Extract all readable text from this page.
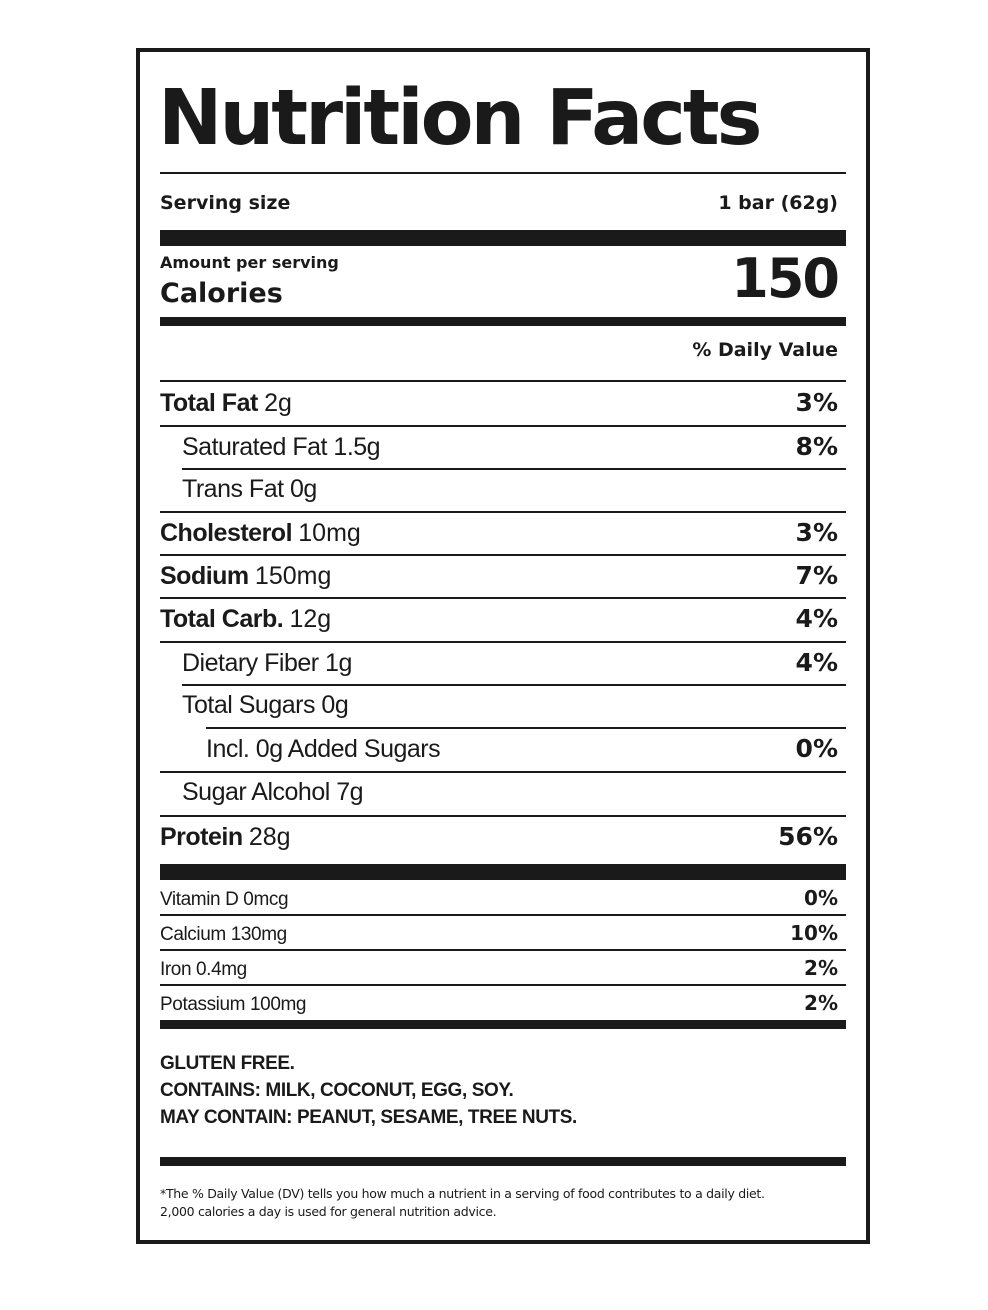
Nutrition Facts
Serving size	1 bar (62g)
Amount per serving
Calories	150
% Daily Value
Total Fat 2g	3%
Saturated Fat 1.5g	8%
Trans Fat 0g
Cholesterol 10mg	3%
Sodium 150mg	7%
Total Carb. 12g	4%
Dietary Fiber 1g	4%
Total Sugars 0g
Incl. 0g Added Sugars	0%
Sugar Alcohol 7g
Protein 28g	56%
Vitamin D 0mcg	0%
Calcium 130mg	10%
Iron 0.4mg	2%
Potassium 100mg	2%
GLUTEN FREE.
CONTAINS: MILK, COCONUT, EGG, SOY.
MAY CONTAIN: PEANUT, SESAME, TREE NUTS.
*The % Daily Value (DV) tells you how much a nutrient in a serving of food contributes to a daily diet.
2,000 calories a day is used for general nutrition advice.
